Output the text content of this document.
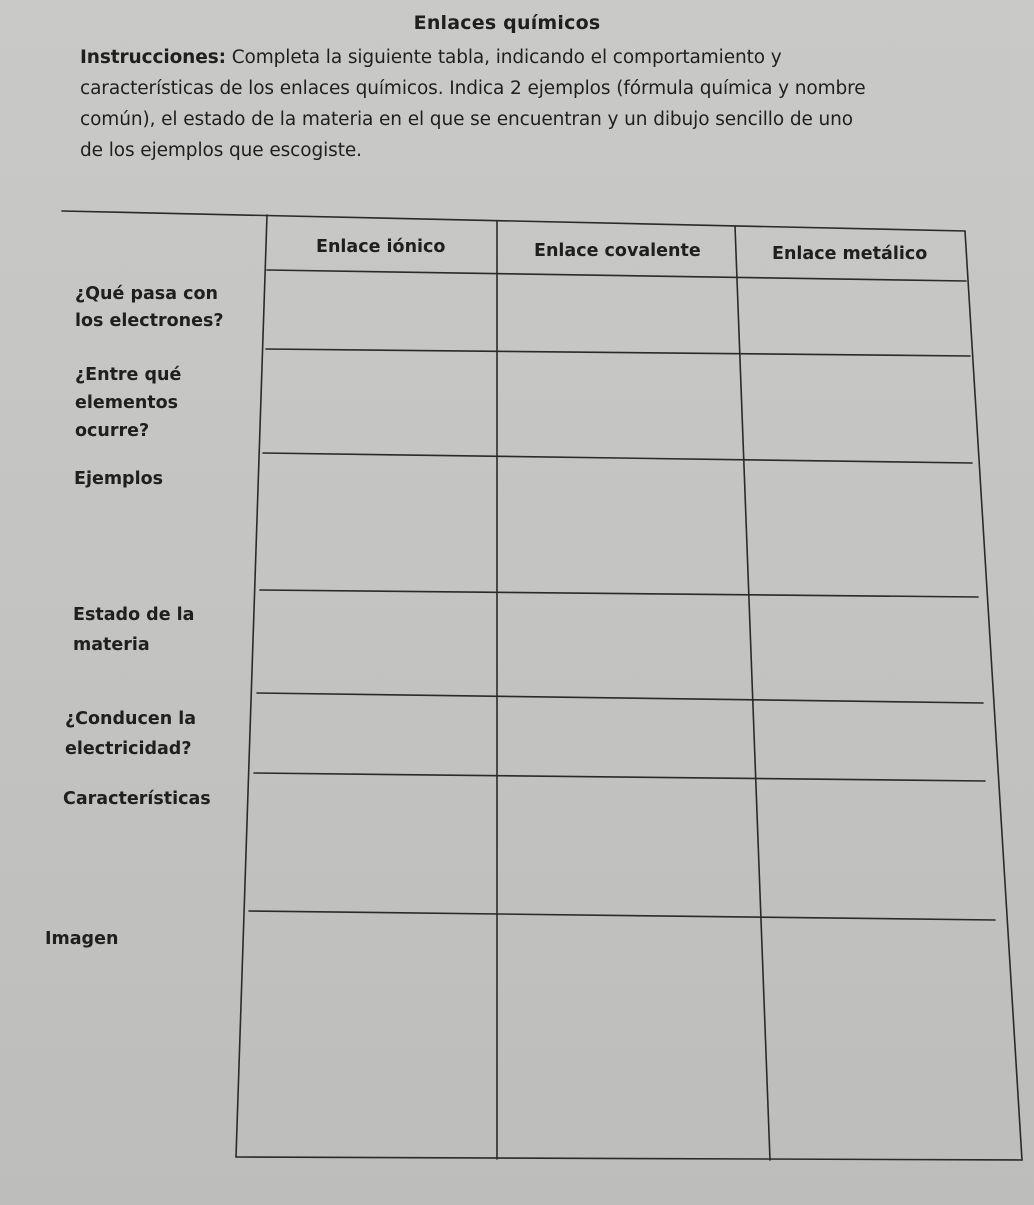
Enlaces químicos
Instrucciones: Completa la siguiente tabla, indicando el comportamiento y características de los enlaces químicos. Indica 2 ejemplos (fórmula química y nombre común), el estado de la materia en el que se encuentran y un dibujo sencillo de uno de los ejemplos que escogiste.
Enlace iónico	Enlace covalente	Enlace metálico
¿Qué pasa con
los electrones?
¿Entre qué
elementos
ocurre?
Ejemplos
Estado de la
materia
¿Conducen la
electricidad?
Características
Imagen
